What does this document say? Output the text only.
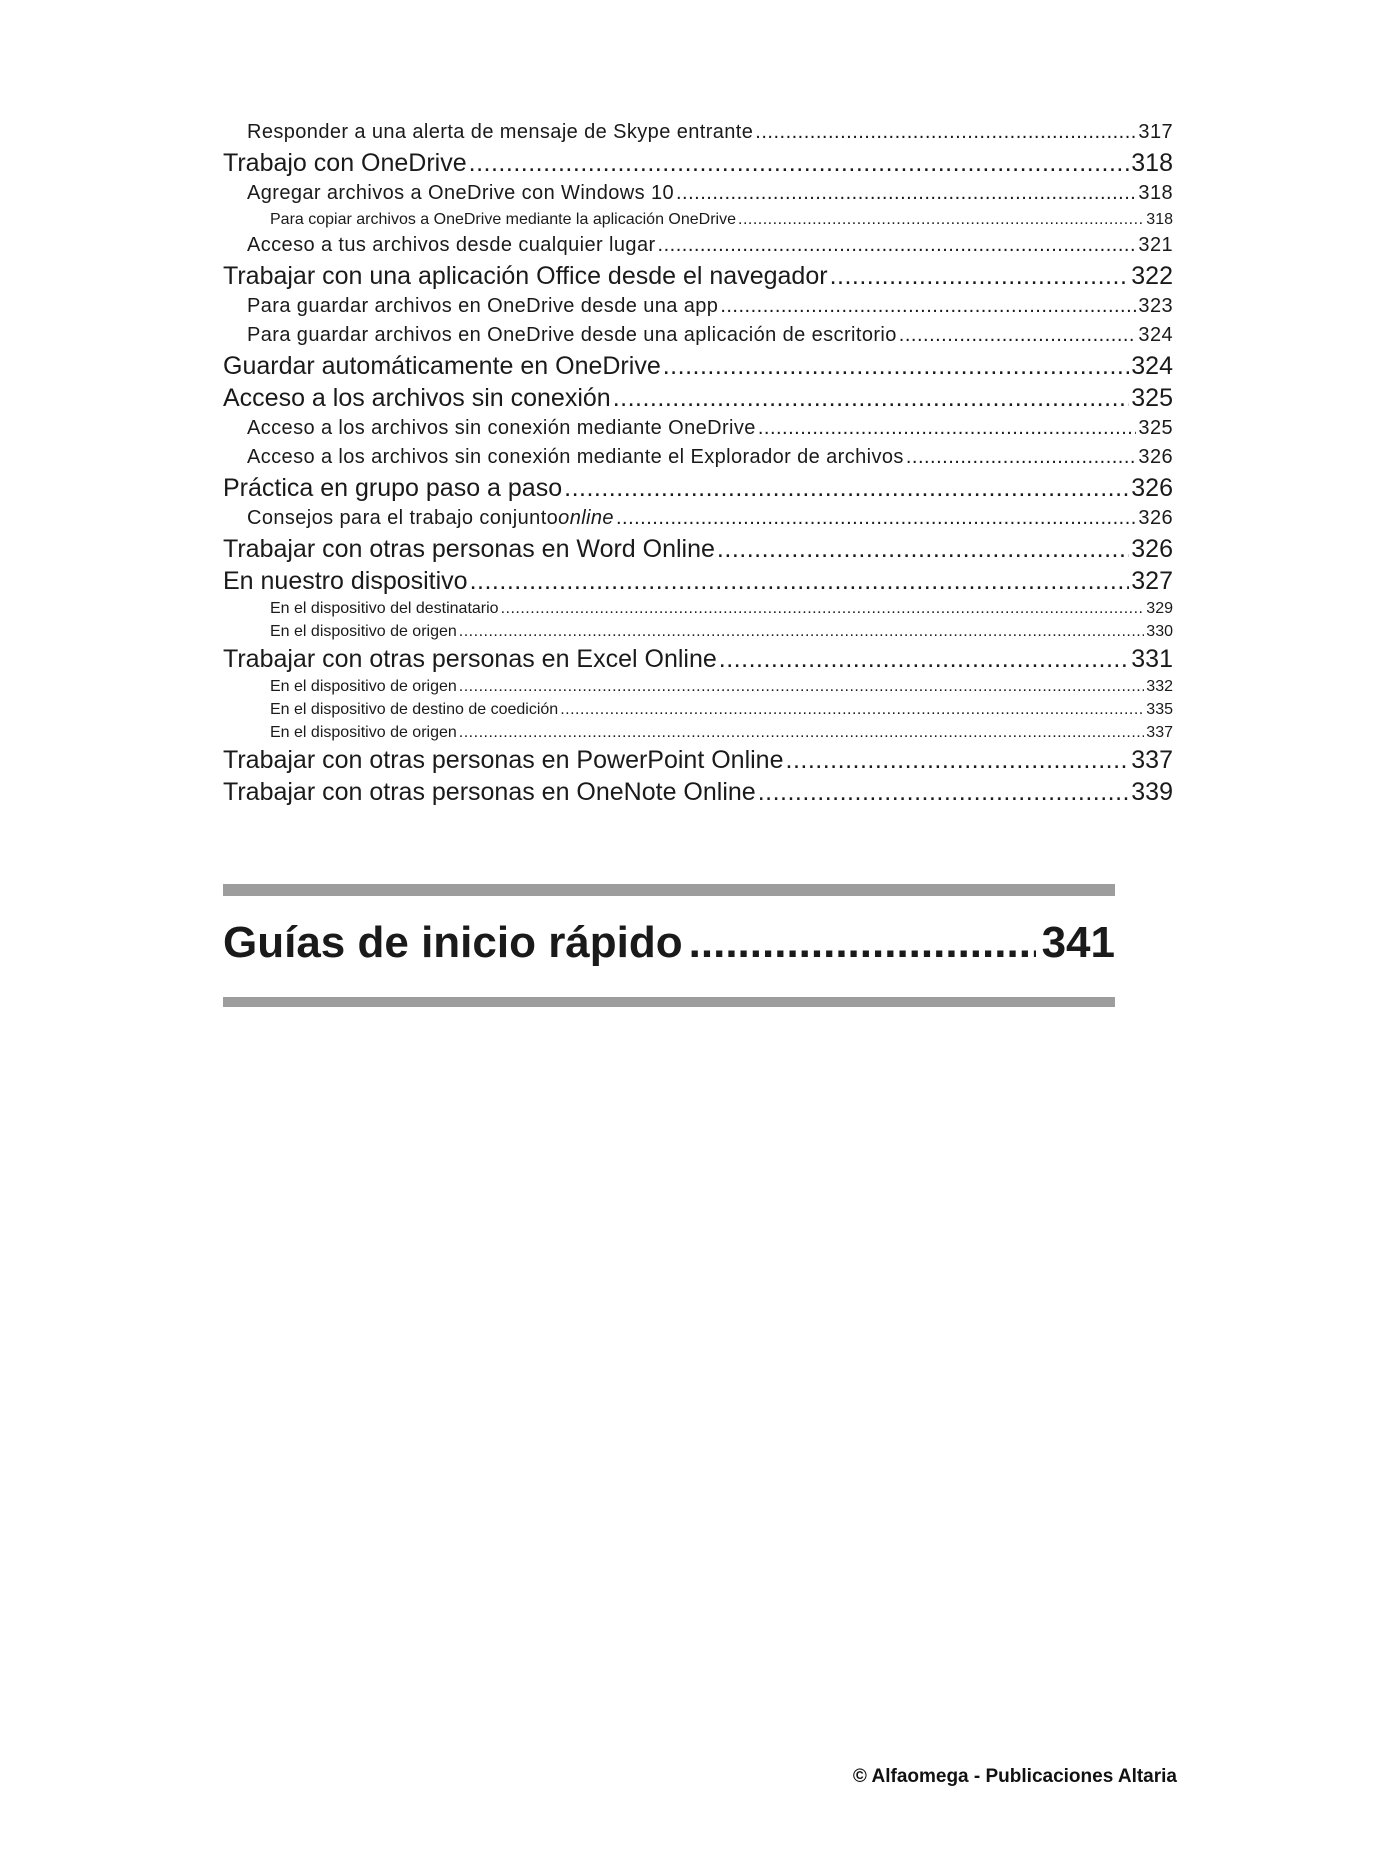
Responder a una alerta de mensaje de Skype entrante .....	317
Trabajo con OneDrive .....	318
Agregar archivos a OneDrive con Windows 10 .....	318
Para copiar archivos a OneDrive mediante la aplicación OneDrive .....	318
Acceso a tus archivos desde cualquier lugar .....	321
Trabajar con una aplicación Office desde el navegador .....	322
Para guardar archivos en OneDrive desde una app .....	323
Para guardar archivos en OneDrive desde una aplicación de escritorio .....	324
Guardar automáticamente en OneDrive .....	324
Acceso a los archivos sin conexión .....	325
Acceso a los archivos sin conexión mediante OneDrive .....	325
Acceso a los archivos sin conexión mediante el Explorador de archivos .....	326
Práctica en grupo paso a paso .....	326
Consejos para el trabajo conjunto online .....	326
Trabajar con otras personas en Word Online .....	326
En nuestro dispositivo .....	327
En el dispositivo del destinatario .....	329
En el dispositivo de origen .....	330
Trabajar con otras personas en Excel Online .....	331
En el dispositivo de origen .....	332
En el dispositivo de destino de coedición .....	335
En el dispositivo de origen .....	337
Trabajar con otras personas en PowerPoint Online .....	337
Trabajar con otras personas en OneNote Online .....	339
Guías de inicio rápido .....	341
© Alfaomega - Publicaciones Altaria
